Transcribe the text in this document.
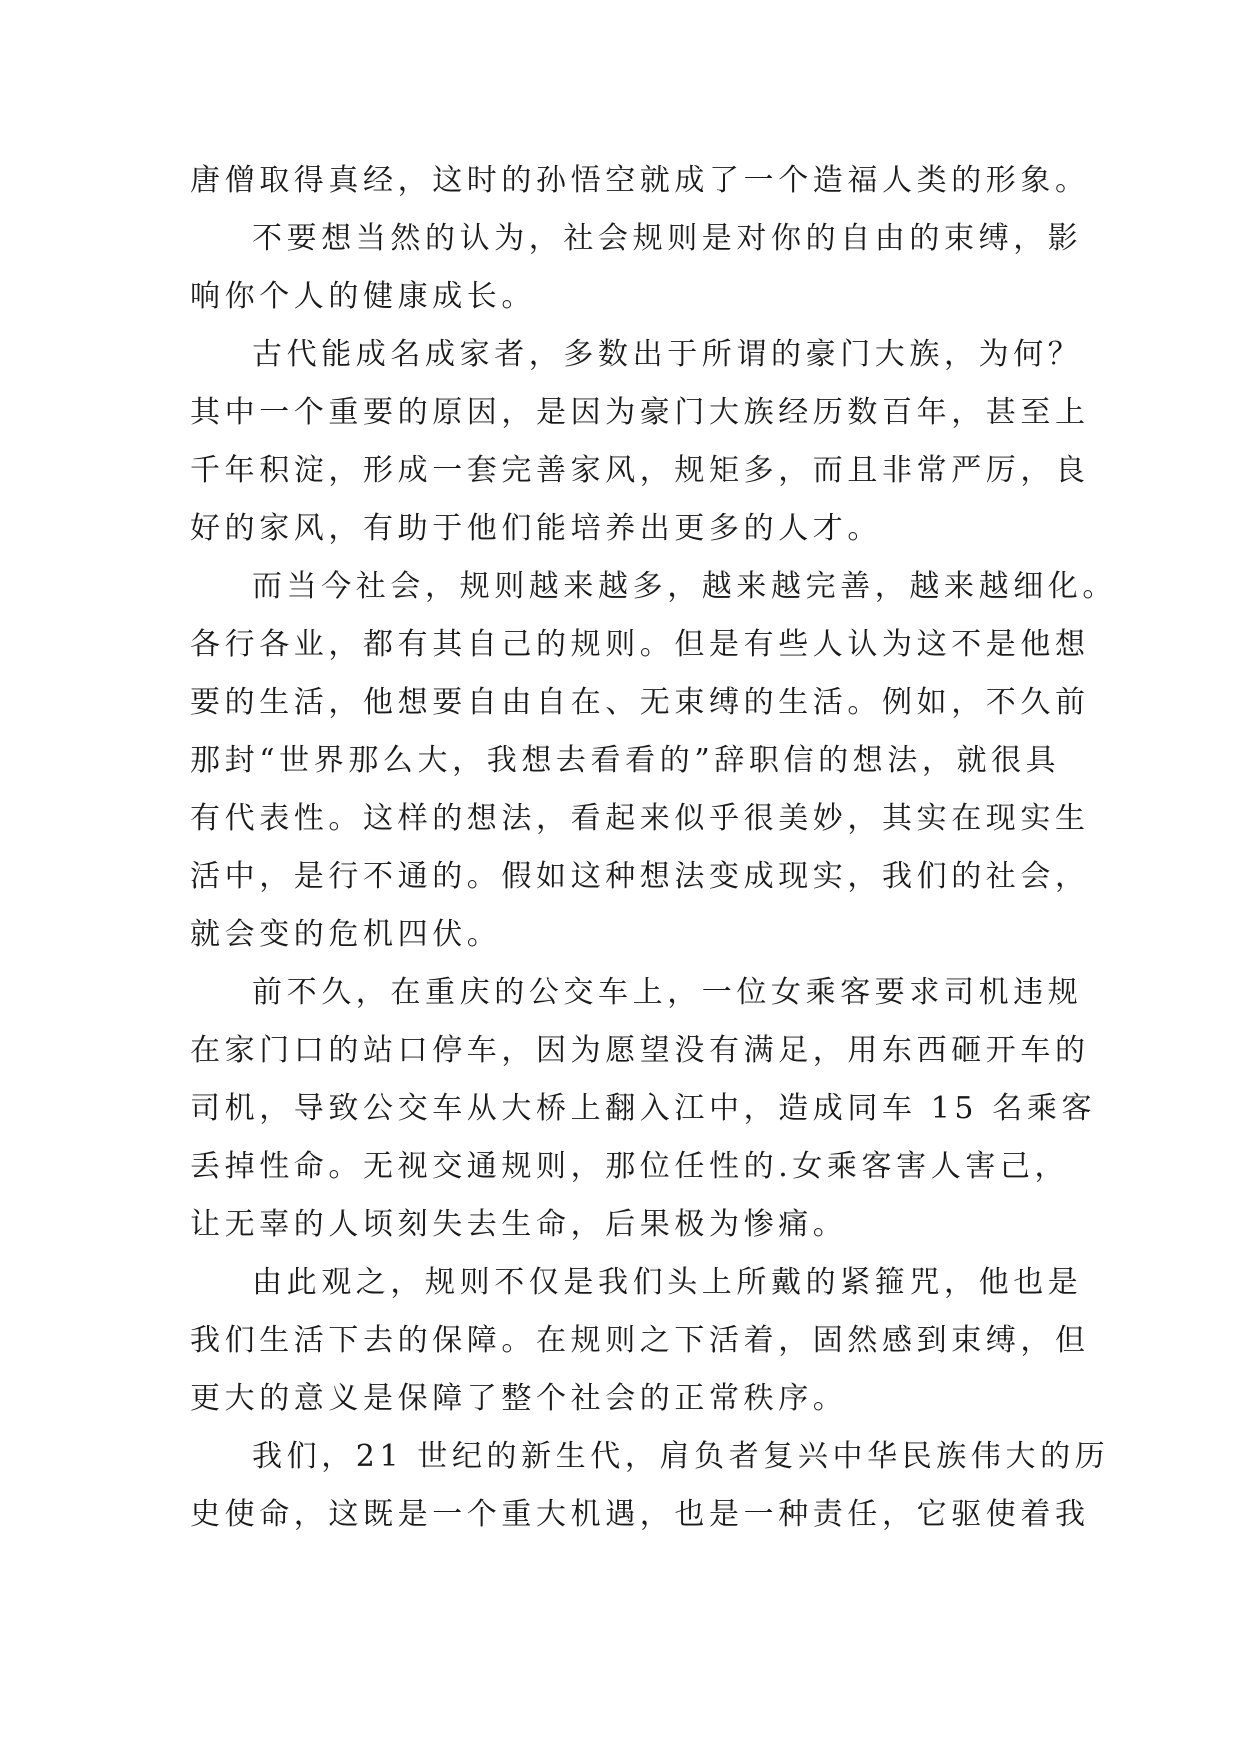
唐僧取得真经，这时的孙悟空就成了一个造福人类的形象。
不要想当然的认为，社会规则是对你的自由的束缚，影
响你个人的健康成长。
古代能成名成家者，多数出于所谓的豪门大族，为何？
其中一个重要的原因，是因为豪门大族经历数百年，甚至上
千年积淀，形成一套完善家风，规矩多，而且非常严厉，良
好的家风，有助于他们能培养出更多的人才。
而当今社会，规则越来越多，越来越完善，越来越细化。
各行各业，都有其自己的规则。但是有些人认为这不是他想
要的生活，他想要自由自在、无束缚的生活。例如，不久前
那封“世界那么大，我想去看看的”辞职信的想法，就很具
有代表性。这样的想法，看起来似乎很美妙，其实在现实生
活中，是行不通的。假如这种想法变成现实，我们的社会，
就会变的危机四伏。
前不久，在重庆的公交车上，一位女乘客要求司机违规
在家门口的站口停车，因为愿望没有满足，用东西砸开车的
司机，导致公交车从大桥上翻入江中，造成同车 15 名乘客
丢掉性命。无视交通规则，那位任性的.女乘客害人害己，
让无辜的人顷刻失去生命，后果极为惨痛。
由此观之，规则不仅是我们头上所戴的紧箍咒，他也是
我们生活下去的保障。在规则之下活着，固然感到束缚，但
更大的意义是保障了整个社会的正常秩序。
我们，21 世纪的新生代，肩负者复兴中华民族伟大的历
史使命，这既是一个重大机遇，也是一种责任，它驱使着我
